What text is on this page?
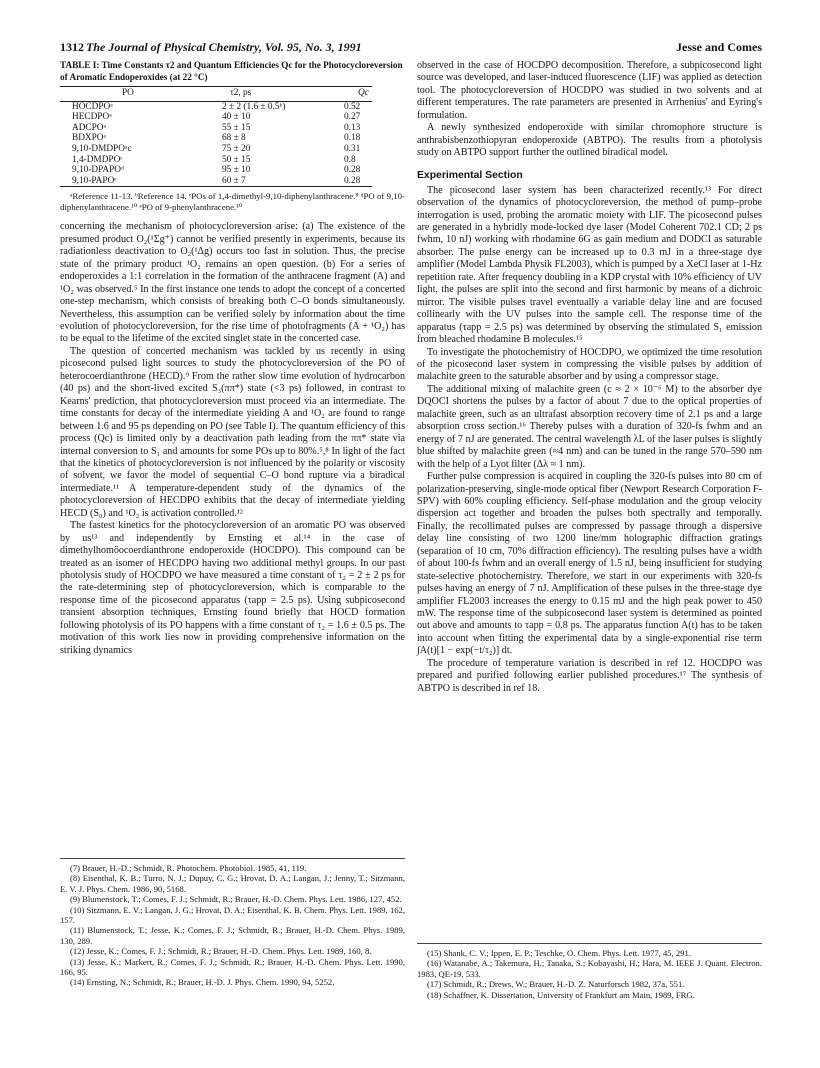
1312 The Journal of Physical Chemistry, Vol. 95, No. 3, 1991	Jesse and Comes
TABLE I: Time Constants τ2 and Quantum Efficiencies Qc for the Photocycloreversion of Aromatic Endoperoxides (at 22 °C)
PO	τ2, ps	Qc
HOCDPOᵃ	2 ± 2 (1.6 ± 0.5ᵇ)	0.52
HECDPOᵃ	40 ± 10	0.27
ADCPOᵃ	55 ± 15	0.13
BDXPOᵃ	68 ± 8	0.18
9,10-DMDPOᵃc	75 ± 20	0.31
1,4-DMDPOᶜ	50 ± 15	0.8
9,10-DPAPOᵈ	95 ± 10	0.28
9,10-PAPOᵉ	60 ± 7	0.28
ᵃReference 11-13. ᵇReference 14. ᶜPOs of 1,4-dimethyl-9,10-diphenylanthracene.⁸ ᵈPO of 9,10-diphenylanthracene.¹⁰ ᵉPO of 9-phenylanthracene.¹⁰

concerning the mechanism of photocycloreversion arise: (a) The existence of the presumed product O₂(¹Σg⁺) cannot be verified presently in experiments, because its radiationless deactivation to O₂(¹Δg) occurs too fast in solution. Thus, the precise state of the primary product ¹O₂ remains an open question. (b) For a series of endoperoxides a 1:1 correlation in the formation of the anthracene fragment (A) and ¹O₂ was observed.⁵ In the first instance one tends to adopt the concept of a concerted one-step mechanism, which consists of breaking both C–O bonds simultaneously. Nevertheless, this assumption can be verified solely by information about the time evolution of photocycloreversion, for the rise time of photofragments (A + ¹O₂) has to be equal to the lifetime of the excited singlet state in the concerted case.

The question of concerted mechanism was tackled by us recently in using picosecond pulsed light sources to study the photocycloreversion of the PO of heterocoerdianthrone (HECD).⁹ From the rather slow time evolution of hydrocarbon (40 ps) and the short-lived excited S₃(ππ*) state (<3 ps) followed, in contrast to Kearns' prediction, that photocycloreversion must proceed via an intermediate. The time constants for decay of the intermediate yielding A and ¹O₂ are found to range between 1.6 and 95 ps depending on PO (see Table I). The quantum efficiency of this process (Qc) is limited only by a deactivation path leading from the ππ* state via internal conversion to S₁ and amounts for some POs up to 80%.⁵,⁸ In light of the fact that the kinetics of photocycloreversion is not influenced by the polarity or viscosity of solvent, we favor the model of sequential C–O bond rupture via a biradical intermediate.¹¹ A temperature-dependent study of the dynamics of the photocycloreversion of HECDPO exhibits that the decay of intermediate yielding HECD (S₀) and ¹O₂ is activation controlled.¹²

The fastest kinetics for the photocycloreversion of an aromatic PO was observed by us¹³ and independently by Ernsting et al.¹⁴ in the case of dimethylhomöocoerdianthrone endoperoxide (HOCDPO). This compound can be treated as an isomer of HECDPO having two additional methyl groups. In our past photolysis study of HOCDPO we have measured a time constant of τ₂ = 2 ± 2 ps for the rate-determining step of photocycloreversion, which is comparable to the response time of the picosecond apparatus (τapp = 2.5 ps). Using subpicosecond transient absorption techniques, Ernsting found briefly that HOCD formation following photolysis of its PO happens with a time constant of τ₂ = 1.6 ± 0.5 ps. The motivation of this work lies now in providing comprehensive information on the striking dynamics

(7) Brauer, H.-D.; Schmidt, R. Photochem. Photobiol. 1985, 41, 119.

(8) Eisenthal, K. B.; Turro, N. J.; Dupuy, C. G.; Hrovat, D. A.; Langan, J.; Jenny, T.; Sitzmann, E. V. J. Phys. Chem. 1986, 90, 5168.

(9) Blumenstock, T.; Comes, F. J.; Schmidt, R.; Brauer, H.-D. Chem. Phys. Lett. 1986, 127, 452.

(10) Sitzmann, E. V.; Langan, J. G.; Hrovat, D. A.; Eisenthal, K. B. Chem. Phys. Lett. 1989, 162, 157.

(11) Blumenstock, T.; Jesse, K.; Comes, F. J.; Schmidt, R.; Brauer, H.-D. Chem. Phys. 1989, 130, 289.

(12) Jesse, K.; Comes, F. J.; Schmidt, R.; Brauer, H.-D. Chem. Phys. Lett. 1989, 160, 8.

(13) Jesse, K.; Markert, R.; Comes, F. J.; Schmidt, R.; Brauer, H.-D. Chem. Phys. Lett. 1990, 166, 95.

(14) Ernsting, N.; Schmidt, R.; Brauer, H.-D. J. Phys. Chem. 1990, 94, 5252.

observed in the case of HOCDPO decomposition. Therefore, a subpicosecond light source was developed, and laser-induced fluorescence (LIF) was applied as detection tool. The photocycloreversion of HOCDPO was studied in two solvents and at different temperatures. The rate parameters are presented in Arrhenius' and Eyring's formulation.

A newly synthesized endoperoxide with similar chromophore structure is anthrabisbenzothiopyran endoperoxide (ABTPO). The results from a photolysis study on ABTPO support further the outlined biradical model.

Experimental Section

The picosecond laser system has been characterized recently.¹³ For direct observation of the dynamics of photocycloreversion, the method of pump–probe interrogation is used, probing the aromatic moiety with LIF. The picosecond pulses are generated in a hybridly mode-locked dye laser (Model Coherent 702.1 CD; 2 ps fwhm, 10 nJ) working with rhodamine 6G as gain medium and DODCI as saturable absorber. The pulse energy can be increased up to 0.3 mJ in a three-stage dye amplifier (Model Lambda Physik FL2003), which is pumped by a XeCl laser at 1-Hz repetition rate. After frequency doubling in a KDP crystal with 10% efficiency of UV light, the pulses are split into the second and first harmonic by means of a dichroic mirror. The visible pulses travel eventually a variable delay line and are focused collinearly with the UV pulses into the sample cell. The response time of the apparatus (τapp = 2.5 ps) was determined by observing the stimulated S₁ emission from bleached rhodamine B molecules.¹⁵

To investigate the photochemistry of HOCDPO, we optimized the time resolution of the picosecond laser system in compressing the visible pulses by addition of malachite green to the saturable absorber and by using a compressor stage.

The additional mixing of malachite green (c ≈ 2 × 10⁻⁶ M) to the absorber dye DQOCI shortens the pulses by a factor of about 7 due to the optical properties of malachite green, such as an ultrafast absorption recovery time of 2.1 ps and a large absorption cross section.¹⁶ Thereby pulses with a duration of 320-fs fwhm and an energy of 7 nJ are generated. The central wavelength λL of the laser pulses is slightly blue shifted by malachite green (≈4 nm) and can be tuned in the range 570–590 nm with the help of a Lyot filter (Δλ ≈ 1 nm).

Further pulse compression is acquired in coupling the 320-fs pulses into 80 cm of polarization-preserving, single-mode optical fiber (Newport Research Corporation F-SPV) with 60% coupling efficiency. Self-phase modulation and the group velocity dispersion act together and broaden the pulses both spectrally and temporally. Finally, the recollimated pulses are compressed by passage through a dispersive delay line consisting of two 1200 line/mm holographic diffraction gratings (separation of 10 cm, 70% diffraction efficiency). The resulting pulses have a width of about 100-fs fwhm and an overall energy of 1.5 nJ, being insufficient for studying state-selective photochemistry. Therefore, we start in our experiments with 320-fs pulses having an energy of 7 nJ. Amplification of these pulses in the three-stage dye amplifier FL2003 increases the energy to 0.15 mJ and the high peak power to 450 mW. The response time of the subpicosecond laser system is determined as pointed out above and amounts to τapp = 0.8 ps. The apparatus function A(t) has to be taken into account when fitting the experimental data by a single-exponential rise term ∫A(t)[1 − exp(−t/τ₂)] dt.

The procedure of temperature variation is described in ref 12. HOCDPO was prepared and purified following earlier published procedures.¹⁷ The synthesis of ABTPO is described in ref 18.

(15) Shank, C. V.; Ippen, E. P.; Teschke, O. Chem. Phys. Lett. 1977, 45, 291.

(16) Watanabe, A.; Takemura, H.; Tanaka, S.; Kobayashi, H.; Hara, M. IEEE J. Quant. Electron. 1983, QE-19, 533.

(17) Schmidt, R.; Drews, W.; Brauer, H.-D. Z. Naturforsch 1982, 37a, 551.

(18) Schaffner, K. Dissertation, University of Frankfurt am Main, 1989, FRG.
